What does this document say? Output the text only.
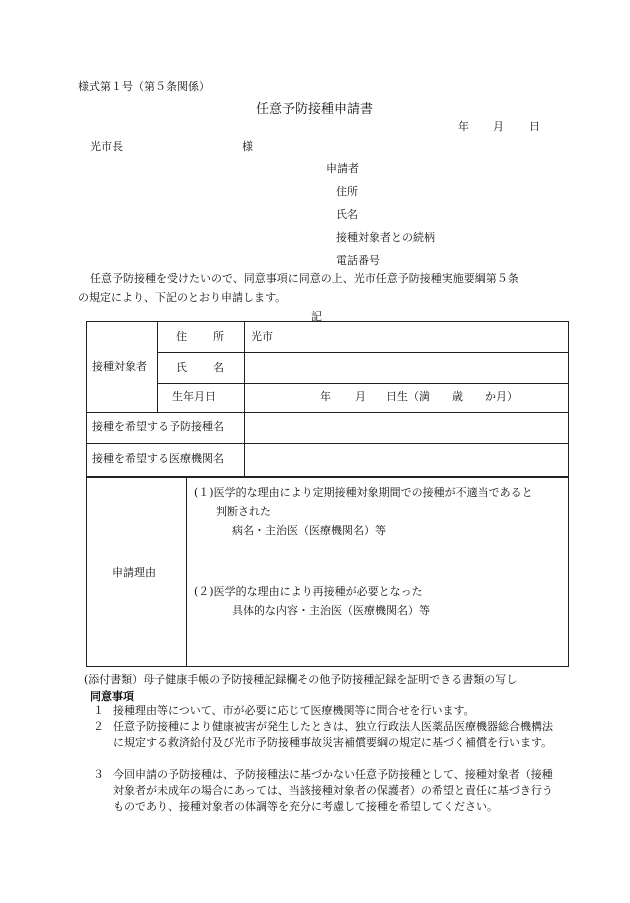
様式第１号（第５条関係）
任意予防接種申請書
年 月 日
光市長	様
申請者
住所
氏名
接種対象者との続柄
電話番号
任意予防接種を受けたいので、同意事項に同意の上、光市任意予防接種実施要綱第５条
の規定により、下記のとおり申請します。
記
接種対象者
住 所 光市
氏 名
生年月日	年 月 日生（満 歳 か月）
接種を希望する予防接種名
接種を希望する医療機関名
申請理由
(１)医学的な理由により定期接種対象期間での接種が不適当であると
判断された
病名・主治医（医療機関名）等
(２)医学的な理由により再接種が必要となった
具体的な内容・主治医（医療機関名）等
(添付書類）母子健康手帳の予防接種記録欄その他予防接種記録を証明できる書類の写し
同意事項
１ 接種理由等について、市が必要に応じて医療機関等に問合せを行います。
２ 任意予防接種により健康被害が発生したときは、独立行政法人医薬品医療機器総合機構法に規定する救済給付及び光市予防接種事故災害補償要綱の規定に基づく補償を行います。
３ 今回申請の予防接種は、予防接種法に基づかない任意予防接種として、接種対象者（接種対象者が未成年の場合にあっては、当該接種対象者の保護者）の希望と責任に基づき行うものであり、接種対象者の体調等を充分に考慮して接種を希望してください。
